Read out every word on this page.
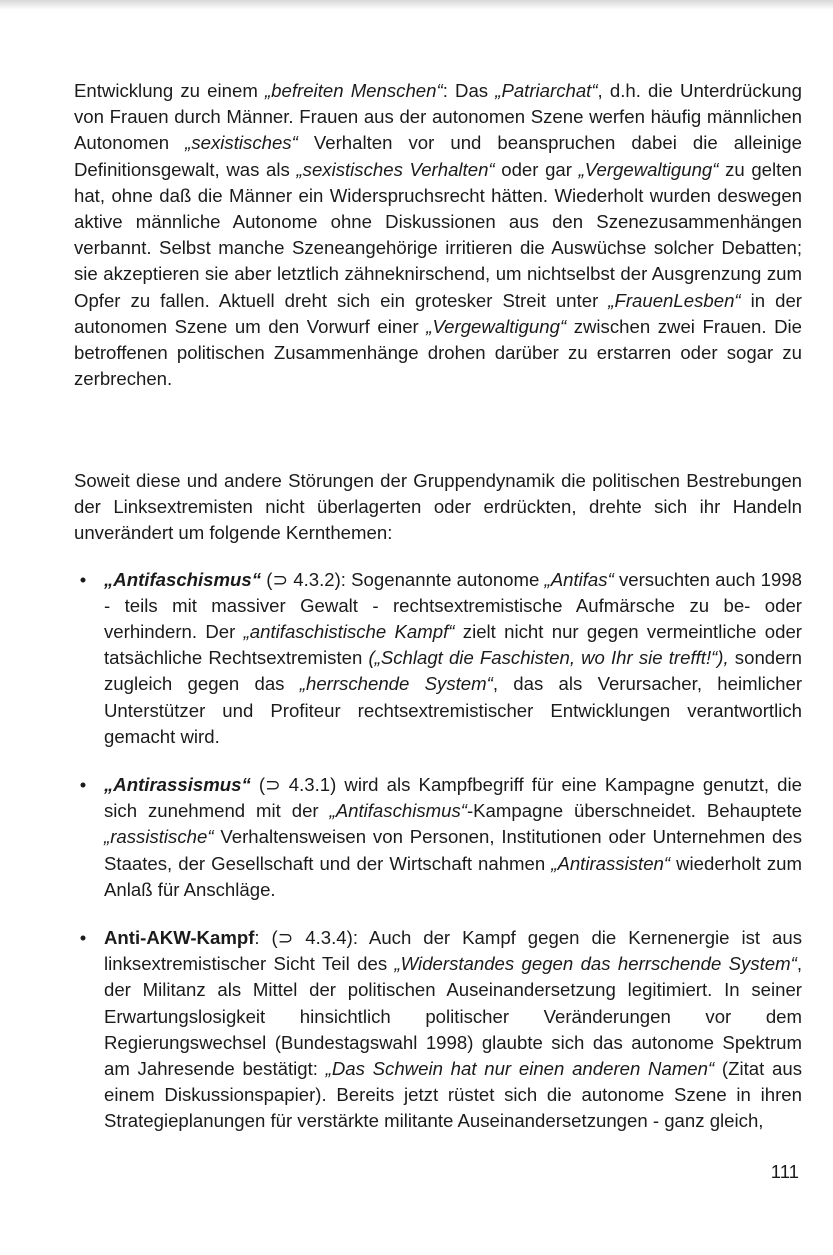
Entwicklung zu einem „befreiten Menschen“: Das „Patriarchat“, d.h. die Unterdrückung von Frauen durch Männer. Frauen aus der autonomen Szene werfen häufig männlichen Autonomen „sexistisches“ Verhalten vor und beanspruchen dabei die alleinige Definitionsgewalt, was als „sexistisches Verhalten“ oder gar „Vergewaltigung“ zu gelten hat, ohne daß die Männer ein Widerspruchsrecht hätten. Wiederholt wurden deswegen aktive männliche Autonome ohne Diskussionen aus den Szenezusammenhängen verbannt. Selbst manche Szeneangehörige irritieren die Auswüchse solcher Debatten; sie akzeptieren sie aber letztlich zähneknirschend, um nichtselbst der Ausgrenzung zum Opfer zu fallen. Aktuell dreht sich ein grotesker Streit unter „FrauenLesben“ in der autonomen Szene um den Vorwurf einer „Vergewaltigung“ zwischen zwei Frauen. Die betroffenen politischen Zusammenhänge drohen darüber zu erstarren oder sogar zu zerbrechen.

Soweit diese und andere Störungen der Gruppendynamik die politischen Bestrebungen der Linksextremisten nicht überlagerten oder erdrückten, drehte sich ihr Handeln unverändert um folgende Kernthemen:

• „Antifaschismus“ (⊃ 4.3.2): Sogenannte autonome „Antifas“ versuchten auch 1998 - teils mit massiver Gewalt - rechtsextremistische Aufmärsche zu be- oder verhindern. Der „antifaschistische Kampf“ zielt nicht nur gegen vermeintliche oder tatsächliche Rechtsextremisten („Schlagt die Faschisten, wo Ihr sie trefft!“), sondern zugleich gegen das „herrschende System“, das als Verursacher, heimlicher Unterstützer und Profiteur rechtsextremistischer Entwicklungen verantwortlich gemacht wird.
• „Antirassismus“ (⊃ 4.3.1) wird als Kampfbegriff für eine Kampagne genutzt, die sich zunehmend mit der „Antifaschismus“-Kampagne überschneidet. Behauptete „rassistische“ Verhaltensweisen von Personen, Institutionen oder Unternehmen des Staates, der Gesellschaft und der Wirtschaft nahmen „Antirassisten“ wiederholt zum Anlaß für Anschläge.
• Anti-AKW-Kampf: (⊃ 4.3.4): Auch der Kampf gegen die Kernenergie ist aus linksextremistischer Sicht Teil des „Widerstandes gegen das herrschende System“, der Militanz als Mittel der politischen Auseinandersetzung legitimiert. In seiner Erwartungslosigkeit hinsichtlich politischer Veränderungen vor dem Regierungswechsel (Bundestagswahl 1998) glaubte sich das autonome Spektrum am Jahresende bestätigt: „Das Schwein hat nur einen anderen Namen“ (Zitat aus einem Diskussionspapier). Bereits jetzt rüstet sich die autonome Szene in ihren Strategieplanungen für verstärkte militante Auseinandersetzungen - ganz gleich,
111
